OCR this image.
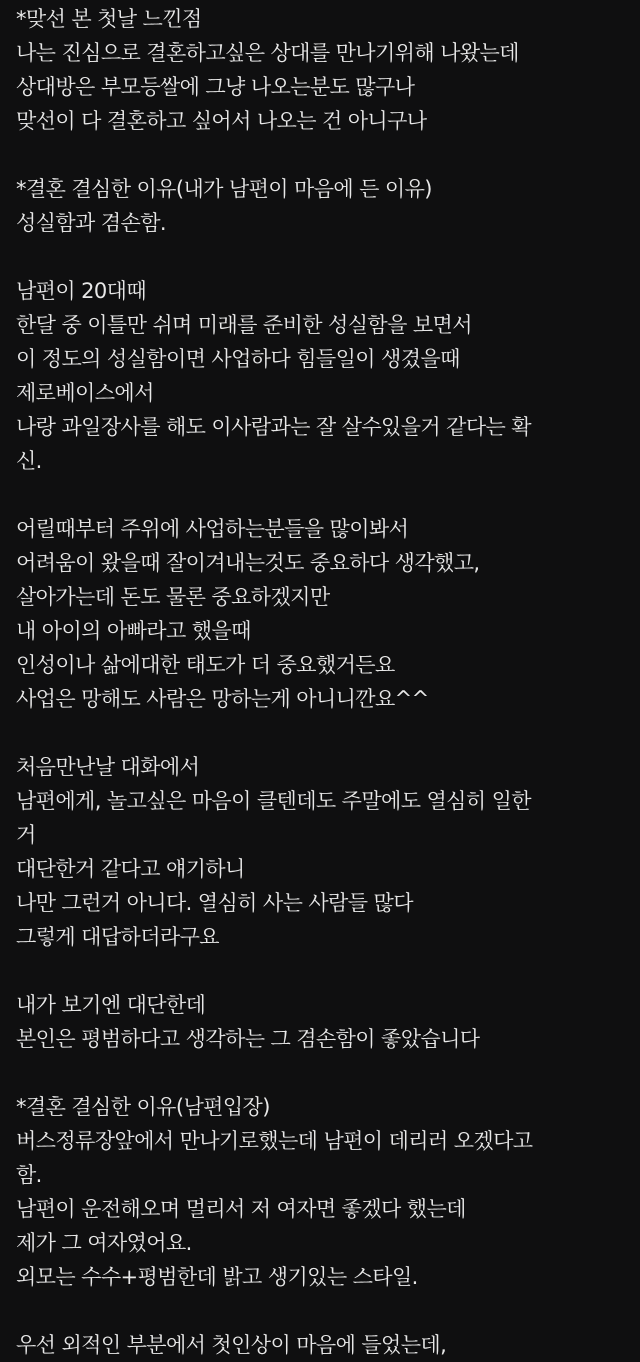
*맞선 본 첫날 느낀점
나는 진심으로 결혼하고싶은 상대를 만나기위해 나왔는데
상대방은 부모등쌀에 그냥 나오는분도 많구나
맞선이 다 결혼하고 싶어서 나오는 건 아니구나
*결혼 결심한 이유(내가 남편이 마음에 든 이유)
성실함과 겸손함.
남편이 20대때
한달 중 이틀만 쉬며 미래를 준비한 성실함을 보면서
이 정도의 성실함이면 사업하다 힘들일이 생겼을때
제로베이스에서
나랑 과일장사를 해도 이사람과는 잘 살수있을거 같다는 확
신.
어릴때부터 주위에 사업하는분들을 많이봐서
어려움이 왔을때 잘이겨내는것도 중요하다 생각했고,
살아가는데 돈도 물론 중요하겠지만
내 아이의 아빠라고 했을때
인성이나 삶에대한 태도가 더 중요했거든요
사업은 망해도 사람은 망하는게 아니니깐요^^
처음만난날 대화에서
남편에게, 놀고싶은 마음이 클텐데도 주말에도 열심히 일한
거
대단한거 같다고 얘기하니
나만 그런거 아니다. 열심히 사는 사람들 많다
그렇게 대답하더라구요
내가 보기엔 대단한데
본인은 평범하다고 생각하는 그 겸손함이 좋았습니다
*결혼 결심한 이유(남편입장)
버스정류장앞에서 만나기로했는데 남편이 데리러 오겠다고
함.
남편이 운전해오며 멀리서 저 여자면 좋겠다 했는데
제가 그 여자였어요.
외모는 수수+평범한데 밝고 생기있는 스타일.
우선 외적인 부분에서 첫인상이 마음에 들었는데,
